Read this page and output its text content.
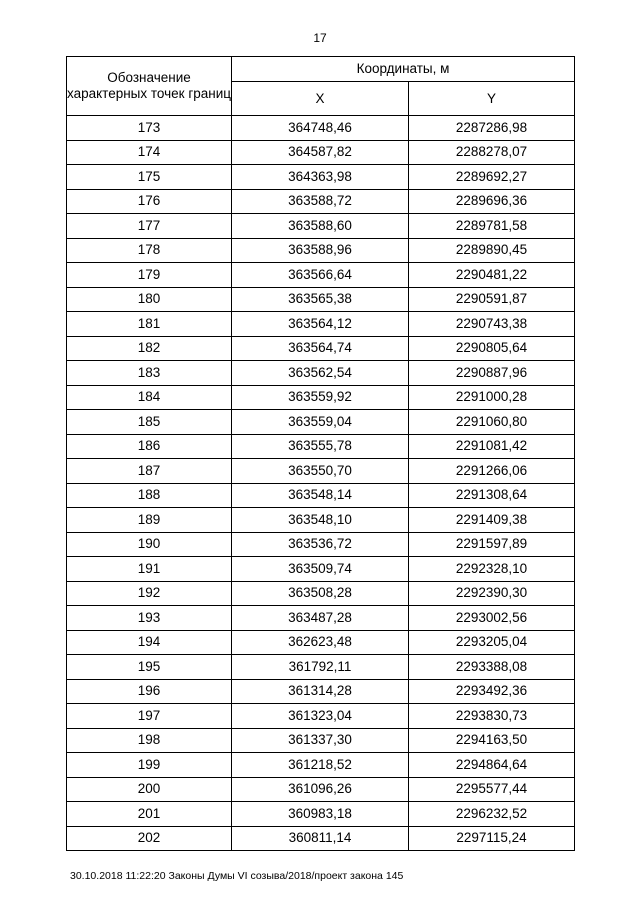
17
Обозначение характерных точек границ	Координаты, м	
	X	Y
173	364748,46	2287286,98
174	364587,82	2288278,07
175	364363,98	2289692,27
176	363588,72	2289696,36
177	363588,60	2289781,58
178	363588,96	2289890,45
179	363566,64	2290481,22
180	363565,38	2290591,87
181	363564,12	2290743,38
182	363564,74	2290805,64
183	363562,54	2290887,96
184	363559,92	2291000,28
185	363559,04	2291060,80
186	363555,78	2291081,42
187	363550,70	2291266,06
188	363548,14	2291308,64
189	363548,10	2291409,38
190	363536,72	2291597,89
191	363509,74	2292328,10
192	363508,28	2292390,30
193	363487,28	2293002,56
194	362623,48	2293205,04
195	361792,11	2293388,08
196	361314,28	2293492,36
197	361323,04	2293830,73
198	361337,30	2294163,50
199	361218,52	2294864,64
200	361096,26	2295577,44
201	360983,18	2296232,52
202	360811,14	2297115,24
30.10.2018 11:22:20 Законы Думы VI созыва/2018/проект закона 145
